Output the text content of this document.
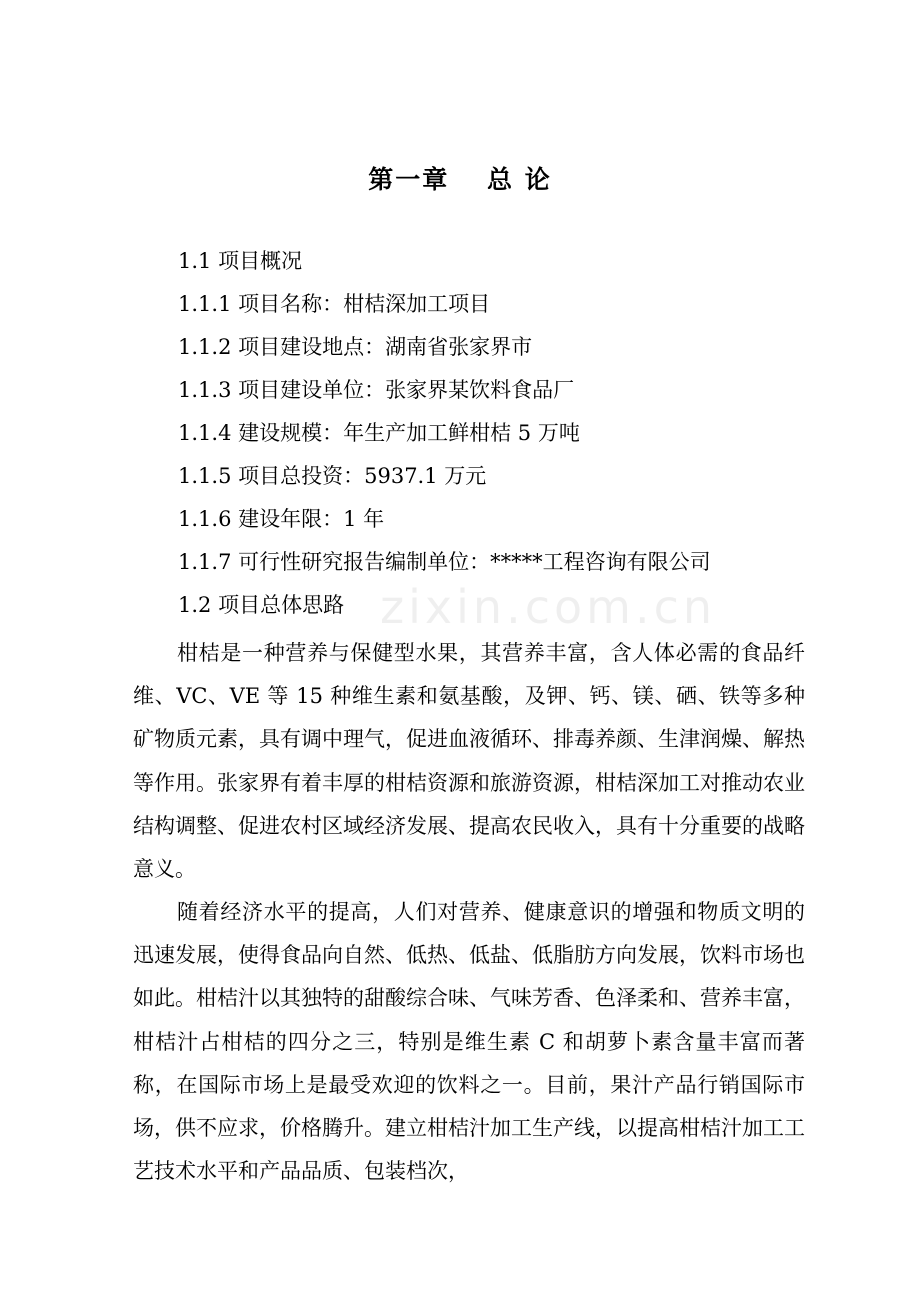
第一章　 总 论
1.1 项目概况
1.1.1 项目名称：柑桔深加工项目
1.1.2 项目建设地点：湖南省张家界市
1.1.3 项目建设单位：张家界某饮料食品厂
1.1.4 建设规模：年生产加工鲜柑桔 5 万吨
1.1.5 项目总投资：5937.1 万元
1.1.6 建设年限：1 年
1.1.7 可行性研究报告编制单位：*****工程咨询有限公司
1.2 项目总体思路

柑桔是一种营养与保健型水果，其营养丰富，含人体必需的食品纤维、VC、VE 等 15 种维生素和氨基酸，及钾、钙、镁、硒、铁等多种矿物质元素，具有调中理气，促进血液循环、排毒养颜、生津润燥、解热等作用。张家界有着丰厚的柑桔资源和旅游资源，柑桔深加工对推动农业结构调整、促进农村区域经济发展、提高农民收入，具有十分重要的战略意义。

随着经济水平的提高，人们对营养、健康意识的增强和物质文明的迅速发展，使得食品向自然、低热、低盐、低脂肪方向发展，饮料市场也如此。柑桔汁以其独特的甜酸综合味、气味芳香、色泽柔和、营养丰富，柑桔汁占柑桔的四分之三，特别是维生素 C 和胡萝卜素含量丰富而著称，在国际市场上是最受欢迎的饮料之一。目前，果汁产品行销国际市场，供不应求，价格腾升。建立柑桔汁加工生产线，以提高柑桔汁加工工艺技术水平和产品品质、包装档次，

zixin.com.cn
